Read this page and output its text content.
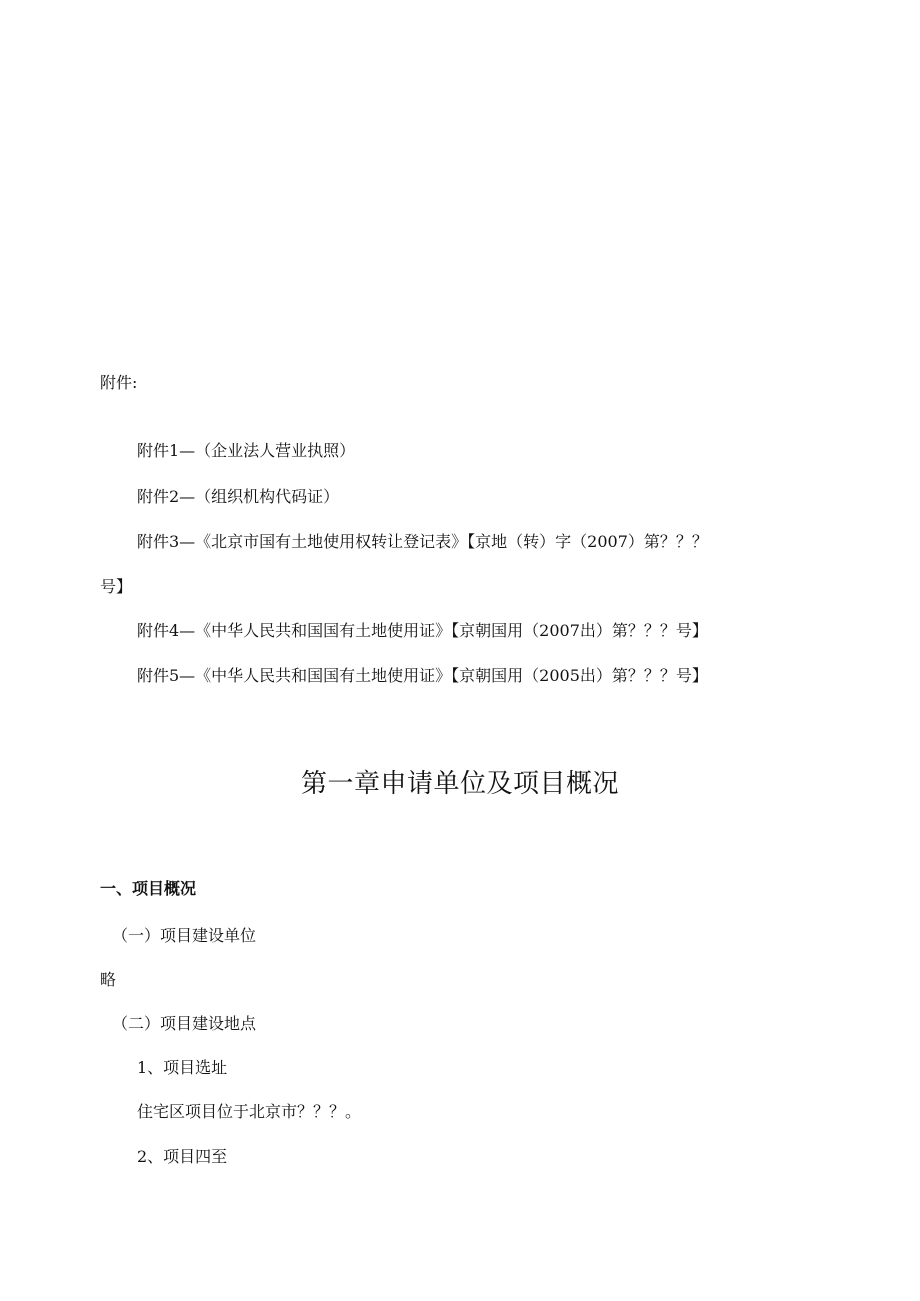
附件:
附件1—（企业法人营业执照）
附件2—（组织机构代码证）
附件3—《北京市国有土地使用权转让登记表》【京地（转）字（2007）第？？？
号】
附件4—《中华人民共和国国有土地使用证》【京朝国用（2007出）第？？？号】
附件5—《中华人民共和国国有土地使用证》【京朝国用（2005出）第？？？号】
第一章申请单位及项目概况
一、项目概况
（一）项目建设单位
略
（二）项目建设地点
1、项目选址
住宅区项目位于北京市？？？。
2、项目四至
